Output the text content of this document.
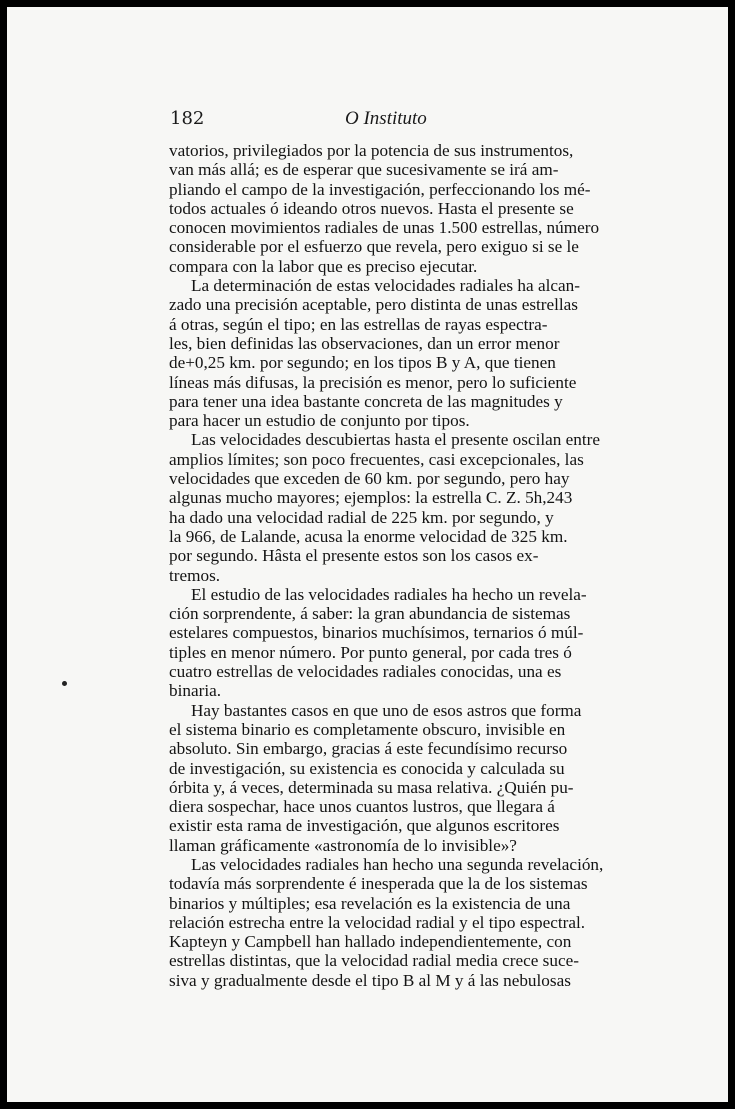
182	O Instituto
vatorios, privilegiados por la potencia de sus instrumentos,
van más allá; es de esperar que sucesivamente se irá am-
pliando el campo de la investigación, perfeccionando los mé-
todos actuales ó ideando otros nuevos. Hasta el presente se
conocen movimientos radiales de unas 1.500 estrellas, número
considerable por el esfuerzo que revela, pero exiguo si se le
compara con la labor que es preciso ejecutar.
La determinación de estas velocidades radiales ha alcan-
zado una precisión aceptable, pero distinta de unas estrellas
á otras, según el tipo; en las estrellas de rayas espectra-
les, bien definidas las observaciones, dan un error menor
de+0,25 km. por segundo; en los tipos B y A, que tienen
líneas más difusas, la precisión es menor, pero lo suficiente
para tener una idea bastante concreta de las magnitudes y
para hacer un estudio de conjunto por tipos.
Las velocidades descubiertas hasta el presente oscilan entre
amplios límites; son poco frecuentes, casi excepcionales, las
velocidades que exceden de 60 km. por segundo, pero hay
algunas mucho mayores; ejemplos: la estrella C. Z. 5h,243
ha dado una velocidad radial de 225 km. por segundo, y
la 966, de Lalande, acusa la enorme velocidad de 325 km.
por segundo. Hâsta el presente estos son los casos ex-
tremos.
El estudio de las velocidades radiales ha hecho un revela-
ción sorprendente, á saber: la gran abundancia de sistemas
estelares compuestos, binarios muchísimos, ternarios ó múl-
tiples en menor número. Por punto general, por cada tres ó
cuatro estrellas de velocidades radiales conocidas, una es
binaria.
Hay bastantes casos en que uno de esos astros que forma
el sistema binario es completamente obscuro, invisible en
absoluto. Sin embargo, gracias á este fecundísimo recurso
de investigación, su existencia es conocida y calculada su
órbita y, á veces, determinada su masa relativa. ¿Quién pu-
diera sospechar, hace unos cuantos lustros, que llegara á
existir esta rama de investigación, que algunos escritores
llaman gráficamente «astronomía de lo invisible»?
Las velocidades radiales han hecho una segunda revelación,
todavía más sorprendente é inesperada que la de los sistemas
binarios y múltiples; esa revelación es la existencia de una
relación estrecha entre la velocidad radial y el tipo espectral.
Kapteyn y Campbell han hallado independientemente, con
estrellas distintas, que la velocidad radial media crece suce-
siva y gradualmente desde el tipo B al M y á las nebulosas
